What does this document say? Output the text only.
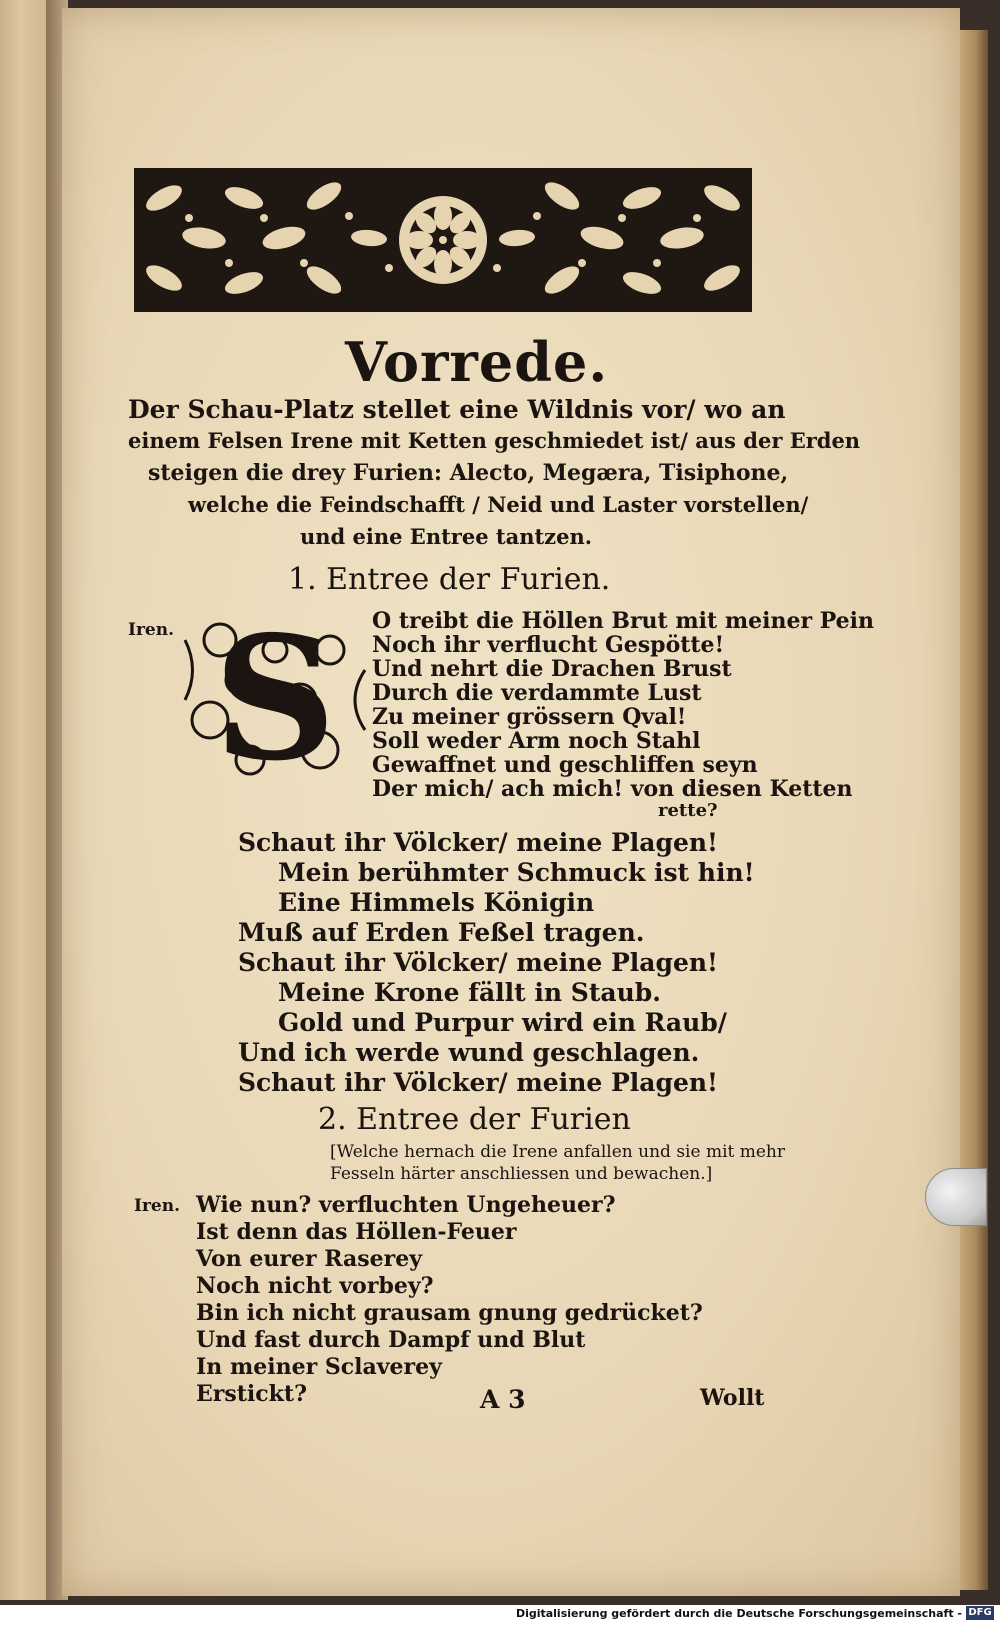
Vorrede.
Der Schau-Platz stellet eine Wildnis vor/ wo an
einem Felsen Irene mit Ketten geschmiedet ist/ aus der Erden
steigen die drey Furien: Alecto, Megæra, Tisiphone,
welche die Feindschafft / Neid und Laster vorstellen/
und eine Entree tantzen.
1. Entree der Furien.
Iren. S O treibt die Höllen Brut mit meiner Pein
Noch ihr verflucht Gespötte!
Und nehrt die Drachen Brust
Durch die verdammte Lust
Zu meiner grössern Qval!
Soll weder Arm noch Stahl
Gewaffnet und geschliffen seyn
Der mich/ ach mich! von diesen Ketten
rette?
Schaut ihr Völcker/ meine Plagen!
Mein berühmter Schmuck ist hin!
Eine Himmels Königin
Muß auf Erden Feßel tragen.
Schaut ihr Völcker/ meine Plagen!
Meine Krone fällt in Staub.
Gold und Purpur wird ein Raub/
Und ich werde wund geschlagen.
Schaut ihr Völcker/ meine Plagen!
2. Entree der Furien
[Welche hernach die Irene anfallen und sie mit mehr
Fesseln härter anschliessen und bewachen.]
Iren. Wie nun? verfluchten Ungeheuer?
Ist denn das Höllen-Feuer
Von eurer Raserey
Noch nicht vorbey?
Bin ich nicht grausam gnung gedrücket?
Und fast durch Dampf und Blut
In meiner Sclaverey
Erstickt?	A 3	Wollt
Digitalisierung gefördert durch die Deutsche Forschungsgemeinschaft - DFG
